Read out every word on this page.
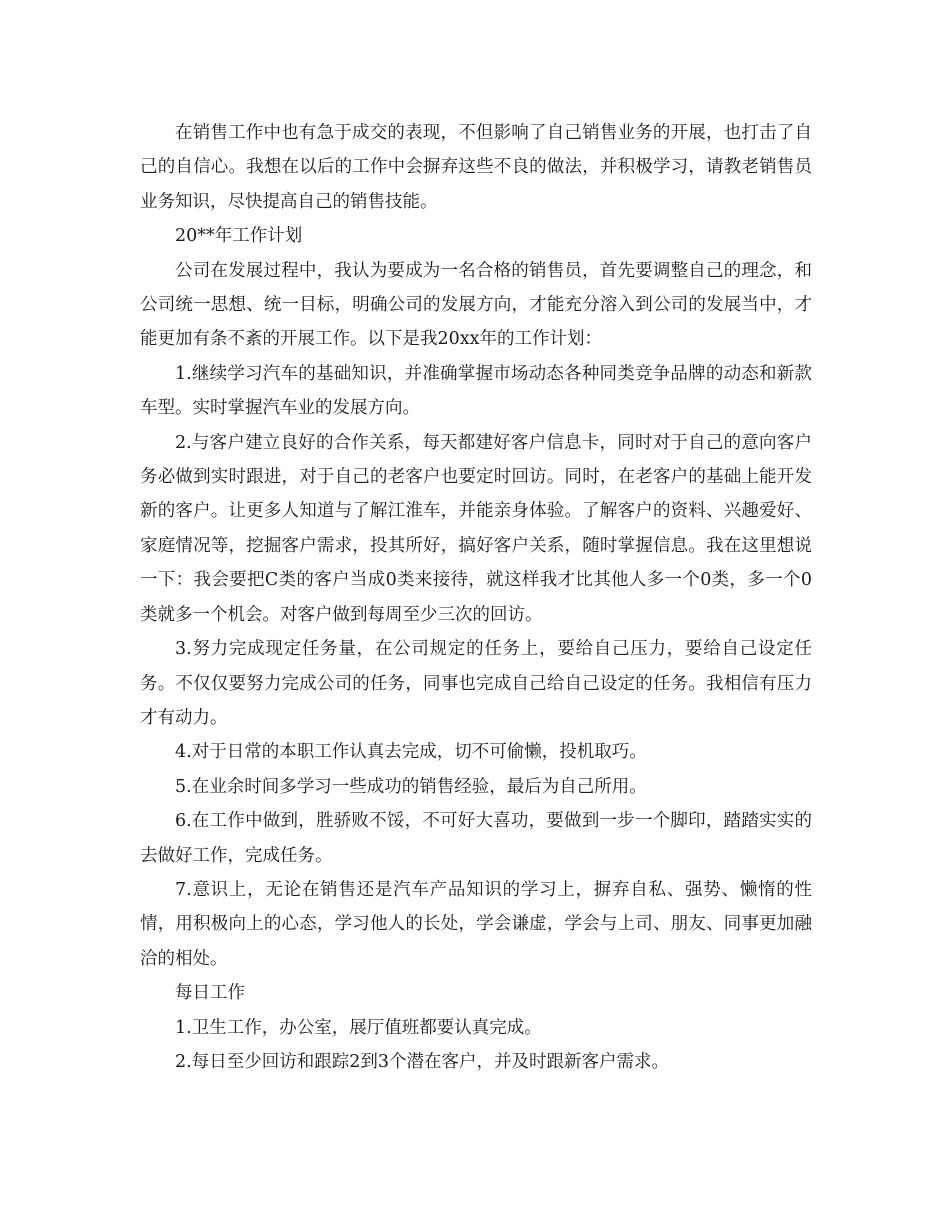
在销售工作中也有急于成交的表现，不但影响了自己销售业务的开展，也打击了自己的自信心。我想在以后的工作中会摒弃这些不良的做法，并积极学习，请教老销售员业务知识，尽快提高自己的销售技能。

20**年工作计划

公司在发展过程中，我认为要成为一名合格的销售员，首先要调整自己的理念，和公司统一思想、统一目标，明确公司的发展方向，才能充分溶入到公司的发展当中，才能更加有条不紊的开展工作。以下是我20xx年的工作计划：

1.继续学习汽车的基础知识，并准确掌握市场动态各种同类竞争品牌的动态和新款车型。实时掌握汽车业的发展方向。

2.与客户建立良好的合作关系，每天都建好客户信息卡，同时对于自己的意向客户务必做到实时跟进，对于自己的老客户也要定时回访。同时，在老客户的基础上能开发新的客户。让更多人知道与了解江淮车，并能亲身体验。了解客户的资料、兴趣爱好、家庭情况等，挖掘客户需求，投其所好，搞好客户关系，随时掌握信息。我在这里想说一下：我会要把C类的客户当成0类来接待，就这样我才比其他人多一个0类，多一个0类就多一个机会。对客户做到每周至少三次的回访。

3.努力完成现定任务量，在公司规定的任务上，要给自己压力，要给自己设定任务。不仅仅要努力完成公司的任务，同事也完成自己给自己设定的任务。我相信有压力才有动力。

4.对于日常的本职工作认真去完成，切不可偷懒，投机取巧。

5.在业余时间多学习一些成功的销售经验，最后为自己所用。

6.在工作中做到，胜骄败不馁，不可好大喜功，要做到一步一个脚印，踏踏实实的去做好工作，完成任务。

7.意识上，无论在销售还是汽车产品知识的学习上，摒弃自私、强势、懒惰的性情，用积极向上的心态，学习他人的长处，学会谦虚，学会与上司、朋友、同事更加融洽的相处。

每日工作

1.卫生工作，办公室，展厅值班都要认真完成。

2.每日至少回访和跟踪2到3个潜在客户，并及时跟新客户需求。
